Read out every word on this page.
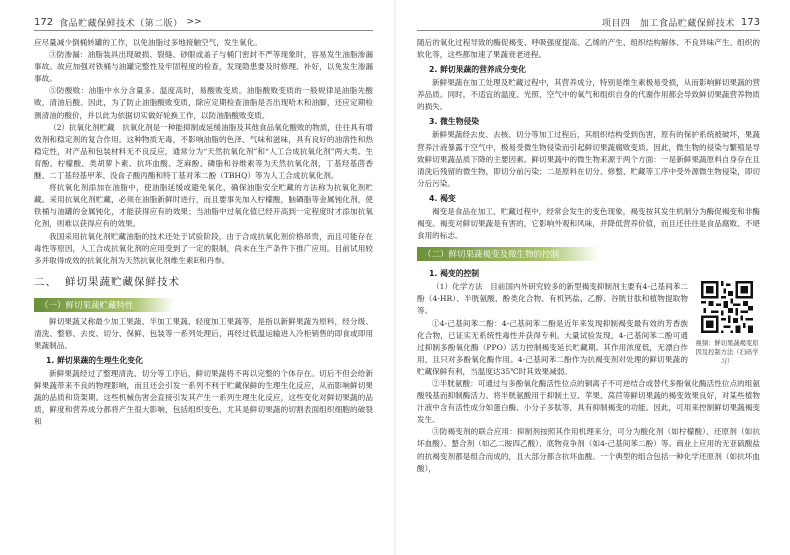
172 食品贮藏保鲜技术（第二版） >>

应尽量减少倒桶转罐的工作，以免油脂过多地接触空气，发生氧化。

③防渗漏：油脂装具出现破损、裂缝、砂眼或盖子与桶门密封不严等现象时，容易发生油脂渗漏事故。故应加强对铁桶与油罐完整性及牢固程度的检查，发现隐患要及时修理、补好，以免发生渗漏事故。

⑤防酸败：油脂中水分含量多、温度高时，易酸败变质。油脂酸败变质的一般规律是油脂先酸败，清油后酸。因此，为了防止油脂酸败变质，除应定期检查油脂是否出现哈木和油脚，还应定期检测清油的酸价，并以此为依据切实做好轮换工作，以防油脂酸败变质。

（2）抗氧化剂贮藏　抗氧化剂是一种能抑制或延缓油脂及其他食品氧化酸败的物质，往往具有增效剂和稳定剂的复合作用。这种物质无毒，不影响油脂的色泽、气味和滋味，具有良好的油溶性和热稳定性，对产品和包装材料无不良反应，通常分为“天然抗氧化剂”和“人工合成抗氧化剂”两大类。生育酚、柠檬酸、类胡萝卜素、抗坏血酸、芝麻酚、磷脂和谷维素等为天然抗氧化剂，丁基羟基茴香醚、二丁基羟基甲苯、没食子酸丙酯和特丁基对苯二酚（TBHQ）等为人工合成抗氧化剂。

将抗氧化剂添加在油脂中，使油脂延缓或避免氧化，确保油脂安全贮藏的方法称为抗氧化剂贮藏。采用抗氧化剂贮藏，必须在油脂新鲜时进行，而且要事先加入柠檬酸，脑磷脂等金属钝化剂，使铁桶与油罐的金属钝化，才能获得应有的效果；当油脂中过氧化值已经开高到一定程度时才添加抗氧化剂，则难以获得应有的效果。

我国采用抗氧化剂贮藏油脂的技术还处于试验阶段，由于合成抗氧化剂价格昂贵，而且可能存在毒性等原因，人工合成抗氧化剂的应用受到了一定的限制，尚未在生产条件下推广应用。目前试用较多并取得成效的抗氧化剂为天然抗氧化剂维生素E和丹参。

二、 鲜切果蔬贮藏保鲜技术
（一）鲜切果蔬贮藏特性

鲜切果蔬又称最少加工果蔬、半加工果蔬、轻度加工果蔬等，是指以新鲜果蔬为原料，经分级、清洗、整修、去皮、切分、保鲜、包装等一系列处理后，再经过低温运输进入冷柜销售的即食或即用果蔬制品。

1. 鲜切果蔬的生理生化变化

新鲜果蔬经过了整理清洗、切分等工序后，鲜切果蔬将不再以完整的个体存在。切后不但会给新鲜果蔬带来不良的物理影响，而且还会引发一系列不利于贮藏保鲜的生理生化反应，从而影响鲜切果蔬的品质和货架期。这些机械伤害会直接引发其产生一系列生理生化反应，这些变化对鲜切果蔬的品质，鲜度和营养成分都将产生很大影响，包括组织变色，尤其是鲜切果蔬的切割表面组织细胞的破裂和

项目四　加工食品贮藏保鲜技术 173

随后的氧化过程导致的酶促褐变、呼吸强度提高、乙烯的产生、组织结构解体、不良异味产生、组织的软化等，这些都加速了果蔬衰老进程。

2. 鲜切果蔬的营养成分变化

新鲜果蔬在加工处理及贮藏过程中，其营养成分，特别是维生素极易受损，从而影响鲜切果蔬的营养品质。同时，不适宜的温度、光照、空气中的氧气和组织自身的代谢作用都会导致鲜切果蔬营养物质的损失。

3. 微生物侵染

新鲜果蔬经去皮、去核、切分等加工过程后，其组织结构受到伤害，原有的保护系统被破坏，果蔬营养汁液暴露于空气中，极易受微生物侵染而引起鲜切果蔬腐败变质。因此，微生物的侵染与繁殖是导致鲜切果蔬品质下降的主要因素。鲜切果蔬中的微生物来源于两个方面：一是新鲜果蔬原料自身存在且清洗后残留的微生物，即切分前污染；二是原料在切分、修整、贮藏等工序中受外源微生物侵染，即切分后污染。

4. 褐变

褐变是食品在加工、贮藏过程中，经常会发生的变色现象，褐变按其发生机制分为酶促褐变和非酶褐变。褐变对鲜切果蔬是有害的，它影响外观和风味，并降低营养价值，而且还往往是食品腐败、不堪食用的标志。

（二）鲜切果蔬褐变及微生物的控制
1. 褐变的控制
视频：鲜切果蔬褐变原因及控制方法（扫码学习）

（1）化学方法　目前国内外研究较多的新型褐变抑制剂主要有4-己基间苯二酚（4-HR）、半胱氨酸、酚类化合物、有机钙盐、乙醇、谷胱甘肽和植物提取物等。

①4-己基间苯二酚：4-己基间苯二酚是近年来发现抑制褐变最有效的芳香族化合物，已证实无系统性毒性并获得专利。大量试验发现，4-己基间苯二酚可通过抑制多酚氧化酶（PPO）活力控制褐变延长贮藏期。其作用浓度低，无漂白作用，且只对多酚氧化酶作用。4-己基间苯二酚作为抗褐变剂对处理的鲜切果蔬的贮藏保鲜有利，当温度达35℃时其效果减弱。

②半胱氨酸：可通过与多酚氧化酶活性位点的铜离子不可逆结合或替代多酚氧化酶活性位点的组氨酸残基而抑制酶活力。将半胱氨酸用于抑制土豆、苹果、莴苣等鲜切果蔬的褐变效果良好，对某些植物汁液中含有活性成分如蛋白酶、小分子多肽等，具有抑制褐变的功能。因此，可用来控制鲜切果蔬褐变发生。

③防褐变剂的联合应用：抑制剂按照其作用机理来分，可分为酸化剂（如柠檬酸）、还原剂（如抗坏血酸）、螯合剂（如乙二胺四乙酸）、底物竞争剂（如4-己基间苯二酚）等。商业上应用的无亚硫酸盐的抗褐变剂都是组合而成的，且大部分都含抗坏血酸。一个典型的组合包括一种化学还原剂（如抗坏血酸），
